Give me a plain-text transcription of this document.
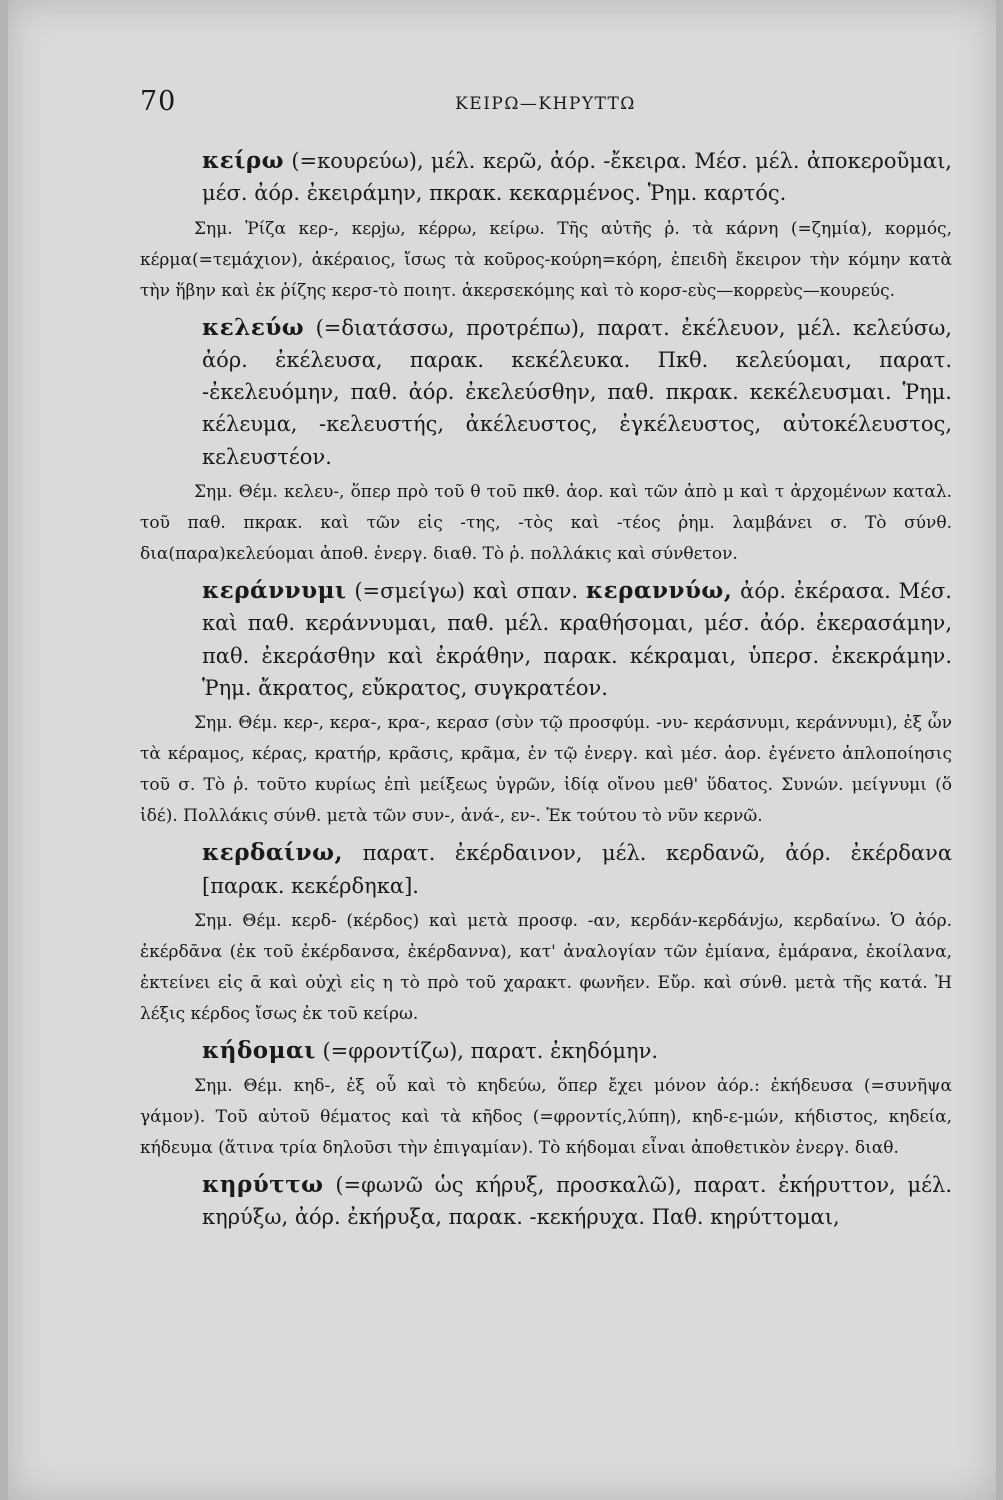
70	ΚΕΙΡΩ—ΚΗΡΥΤΤΩ

κείρω (=κουρεύω), μέλ. κερῶ, ἀόρ. -ἔκειρα. Μέσ. μέλ. ἀποκεροῦμαι, μέσ. ἀόρ. ἐκειράμην, πκρακ. κεκαρμένος. Ῥημ. καρτός.

Σημ. Ῥίζα κερ-, κερjω, κέρρω, κείρω. Τῆς αὐτῆς ῥ. τὰ κάρνη (=ζημία), κορμός, κέρμα(=τεμάχιον), ἀκέραιος, ἴσως τὰ κοῦρος-κούρη=κόρη, ἐπειδὴ ἔκειρον τὴν κόμην κατὰ τὴν ἥβην καὶ ἐκ ῥίζης κερσ-τὸ ποιητ. ἀκερσεκόμης καὶ τὸ κορσ-εὺς—κορρεὺς—κουρεύς.

κελεύω (=διατάσσω, προτρέπω), παρατ. ἐκέλευον, μέλ. κελεύσω, ἀόρ. ἐκέλευσα, παρακ. κεκέλευκα. Πκθ. κελεύομαι, παρατ. -ἐκελευόμην, παθ. ἀόρ. ἐκελεύσθην, παθ. πκρακ. κεκέλευσμαι. Ῥημ. κέλευμα, -κελευστής, ἀκέλευστος, ἐγκέλευστος, αὐτοκέλευστος, κελευστέον.

Σημ. Θέμ. κελευ-, ὅπερ πρὸ τοῦ θ τοῦ πκθ. ἀορ. καὶ τῶν ἀπὸ μ καὶ τ ἀρχομένων καταλ. τοῦ παθ. πκρακ. καὶ τῶν εἰς -της, -τὸς καὶ -τέος ῥημ. λαμβάνει σ. Τὸ σύνθ. δια(παρα)κελεύομαι ἀποθ. ἐνεργ. διαθ. Τὸ ῥ. πολλάκις καὶ σύνθετον.

κεράννυμι (=σμείγω) καὶ σπαν. κεραννύω, ἀόρ. ἐκέρασα. Μέσ. καὶ παθ. κεράννυμαι, παθ. μέλ. κραθήσομαι, μέσ. ἀόρ. ἐκερασάμην, παθ. ἐκεράσθην καὶ ἐκράθην, παρακ. κέκραμαι, ὑπερσ. ἐκεκράμην. Ῥημ. ἄκρατος, εὔκρατος, συγκρατέον.

Σημ. Θέμ. κερ-, κερα-, κρα-, κερασ (σὺν τῷ προσφύμ. -νυ- κεράσνυμι, κεράννυμι), ἐξ ὧν τὰ κέραμος, κέρας, κρατήρ, κρᾶσις, κρᾶμα, ἐν τῷ ἐνεργ. καὶ μέσ. ἀορ. ἐγένετο ἁπλοποίησις τοῦ σ. Τὸ ῥ. τοῦτο κυρίως ἐπὶ μείξεως ὑγρῶν, ἰδίᾳ οἴνου μεθ' ὕδατος. Συνών. μείγνυμι (ὅ ἰδέ). Πολλάκις σύνθ. μετὰ τῶν συν-, ἀνά-, εν-. Ἐκ τούτου τὸ νῦν κερνῶ.

κερδαίνω, παρατ. ἐκέρδαινον, μέλ. κερδανῶ, ἀόρ. ἐκέρδανα [παρακ. κεκέρδηκα].

Σημ. Θέμ. κερδ- (κέρδος) καὶ μετὰ προσφ. -αν, κερδάν-κερδάνjω, κερδαίνω. Ὁ ἀόρ. ἐκέρδᾱνα (ἐκ τοῦ ἐκέρδανσα, ἐκέρδαννα), κατ' ἀναλογίαν τῶν ἐμίανα, ἐμάρανα, ἐκοίλανα, ἐκτείνει εἰς ᾱ καὶ οὐχὶ εἰς η τὸ πρὸ τοῦ χαρακτ. φωνῆεν. Εὔρ. καὶ σύνθ. μετὰ τῆς κατά. Ἡ λέξις κέρδος ἴσως ἐκ τοῦ κείρω.

κήδομαι (=φροντίζω), παρατ. ἐκηδόμην.

Σημ. Θέμ. κηδ-, ἐξ οὗ καὶ τὸ κηδεύω, ὅπερ ἔχει μόνον ἀόρ.: ἐκήδευσα (=συνῆψα γάμον). Τοῦ αὐτοῦ θέματος καὶ τὰ κῆδος (=φροντίς,λύπη), κηδ-ε-μών, κήδιστος, κηδεία, κήδευμα (ἅτινα τρία δηλοῦσι τὴν ἐπιγαμίαν). Τὸ κήδομαι εἶναι ἀποθετικὸν ἐνεργ. διαθ.

κηρύττω (=φωνῶ ὡς κήρυξ, προσκαλῶ), παρατ. ἐκήρυττον, μέλ. κηρύξω, ἀόρ. ἐκήρυξα, παρακ. -κεκήρυχα. Παθ. κηρύττομαι,
